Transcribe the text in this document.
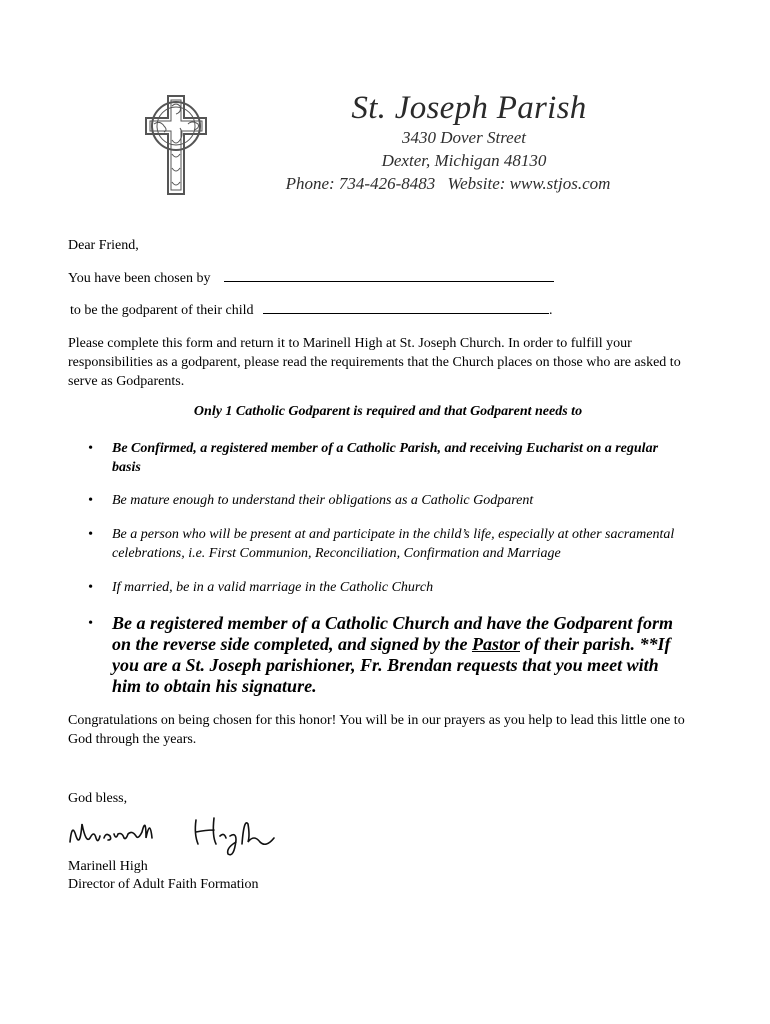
St. Joseph Parish
3430 Dover Street
Dexter, Michigan 48130
Phone: 734-426-8483 Website: www.stjos.com
Dear Friend,
You have been chosen by
to be the godparent of their child	.
Please complete this form and return it to Marinell High at St. Joseph Church. In order to fulfill your responsibilities as a godparent, please read the requirements that the Church places on those who are asked to serve as Godparents.
Only 1 Catholic Godparent is required and that Godparent needs to
• Be Confirmed, a registered member of a Catholic Parish, and receiving Eucharist on a regular basis
• Be mature enough to understand their obligations as a Catholic Godparent
• Be a person who will be present at and participate in the child’s life, especially at other sacramental celebrations, i.e. First Communion, Reconciliation, Confirmation and Marriage
• If married, be in a valid marriage in the Catholic Church
• Be a registered member of a Catholic Church and have the Godparent form on the reverse side completed, and signed by the Pastor of their parish. **If you are a St. Joseph parishioner, Fr. Brendan requests that you meet with him to obtain his signature.
Congratulations on being chosen for this honor! You will be in our prayers as you help to lead this little one to God through the years.
God bless,
Marinell High
Director of Adult Faith Formation
